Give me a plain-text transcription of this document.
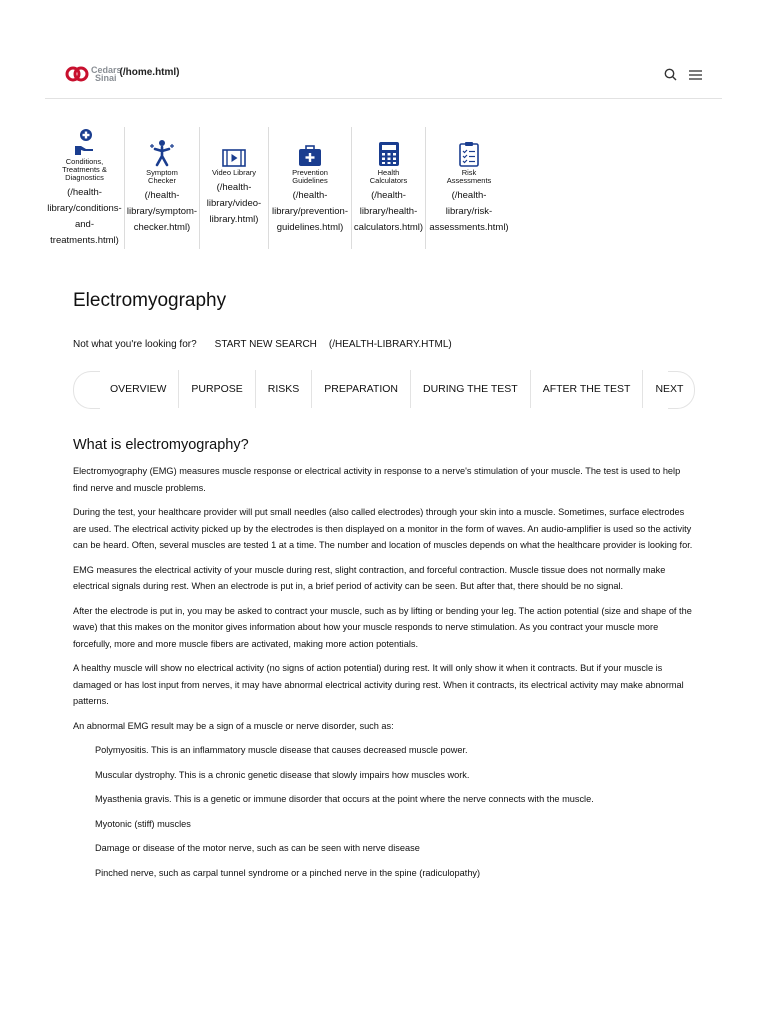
Cedars
Sinai
(/home.html)
Conditions,
Treatments &
Diagnostics
(/health-
library/conditions-
and-
treatments.html)
Symptom
Checker
(/health-
library/symptom-
checker.html)
Video Library
(/health-
library/video-
library.html)
Prevention
Guidelines
(/health-
library/prevention-
guidelines.html)
Health
Calculators
(/health-
library/health-
calculators.html)
Risk
Assessments
(/health-
library/risk-
assessments.html)
Electromyography
Not what you're looking for? START NEW SEARCH (/HEALTH-LIBRARY.HTML)
OVERVIEW	PURPOSE	RISKS	PREPARATION	DURING THE TEST	AFTER THE TEST	NEXT
What is electromyography?

Electromyography (EMG) measures muscle response or electrical activity in response to a nerve's stimulation of your muscle. The test is used to help find nerve and muscle problems.

During the test, your healthcare provider will put small needles (also called electrodes) through your skin into a muscle. Sometimes, surface electrodes are used. The electrical activity picked up by the electrodes is then displayed on a monitor in the form of waves. An audio-amplifier is used so the activity can be heard. Often, several muscles are tested 1 at a time. The number and location of muscles depends on what the healthcare provider is looking for.

EMG measures the electrical activity of your muscle during rest, slight contraction, and forceful contraction. Muscle tissue does not normally make electrical signals during rest. When an electrode is put in, a brief period of activity can be seen. But after that, there should be no signal.

After the electrode is put in, you may be asked to contract your muscle, such as by lifting or bending your leg. The action potential (size and shape of the wave) that this makes on the monitor gives information about how your muscle responds to nerve stimulation. As you contract your muscle more forcefully, more and more muscle fibers are activated, making more action potentials.

A healthy muscle will show no electrical activity (no signs of action potential) during rest. It will only show it when it contracts. But if your muscle is damaged or has lost input from nerves, it may have abnormal electrical activity during rest. When it contracts, its electrical activity may make abnormal patterns.

An abnormal EMG result may be a sign of a muscle or nerve disorder, such as:

Polymyositis. This is an inflammatory muscle disease that causes decreased muscle power.
Muscular dystrophy. This is a chronic genetic disease that slowly impairs how muscles work.
Myasthenia gravis. This is a genetic or immune disorder that occurs at the point where the nerve connects with the muscle.
Myotonic (stiff) muscles
Damage or disease of the motor nerve, such as can be seen with nerve disease
Pinched nerve, such as carpal tunnel syndrome or a pinched nerve in the spine (radiculopathy)
